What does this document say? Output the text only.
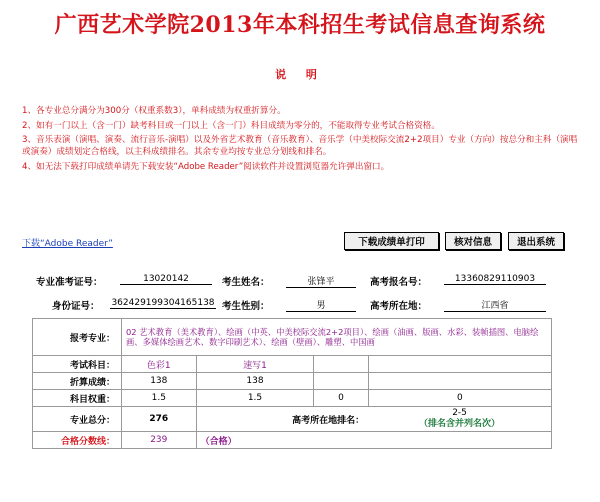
广西艺术学院2013年本科招生考试信息查询系统
说 明
1、各专业总分满分为300分（权重系数3），单科成绩为权重折算分。
2、如有一门以上（含一门）缺考科目或一门以上（含一门）科目成绩为零分的，不能取得专业考试合格资格。
3、音乐表演（演唱、演奏、流行音乐-演唱）以及外省艺术教育（音乐教育）、音乐学（中美校际交流2+2项目）专业（方向）按总分和主科（演唱或演奏）成绩划定合格线，以主科成绩排名。其余专业均按专业总分划线和排名。
4、如无法下载打印成绩单请先下载安装“Adobe Reader”阅读软件并设置浏览器允许弹出窗口。
下载“Adobe Reader”	下载成绩单打印	核对信息	退出系统
专业准考证号：	13020142	考生姓名：	张锋平	高考报名号：	13360829110903
身份证号： 362429199304165138 考生性别：	男	高考所在地：	江西省
报考专业：	02 艺术教育（美术教育）、绘画（中英、中美校际交流2+2项目）、绘画（油画、版画、水彩、装帧插图、电脑绘画、多媒体绘画艺术、数字印刷艺术）、绘画（壁画）、雕塑、中国画			
考试科目：	色彩1	速写1		
折算成绩：	138	138		
科目权重：	1.5	1.5	0	0
专业总分：	276	高考所在地排名：		2-5
（排名含并列名次）

合格分数线：	239	（合格）		
